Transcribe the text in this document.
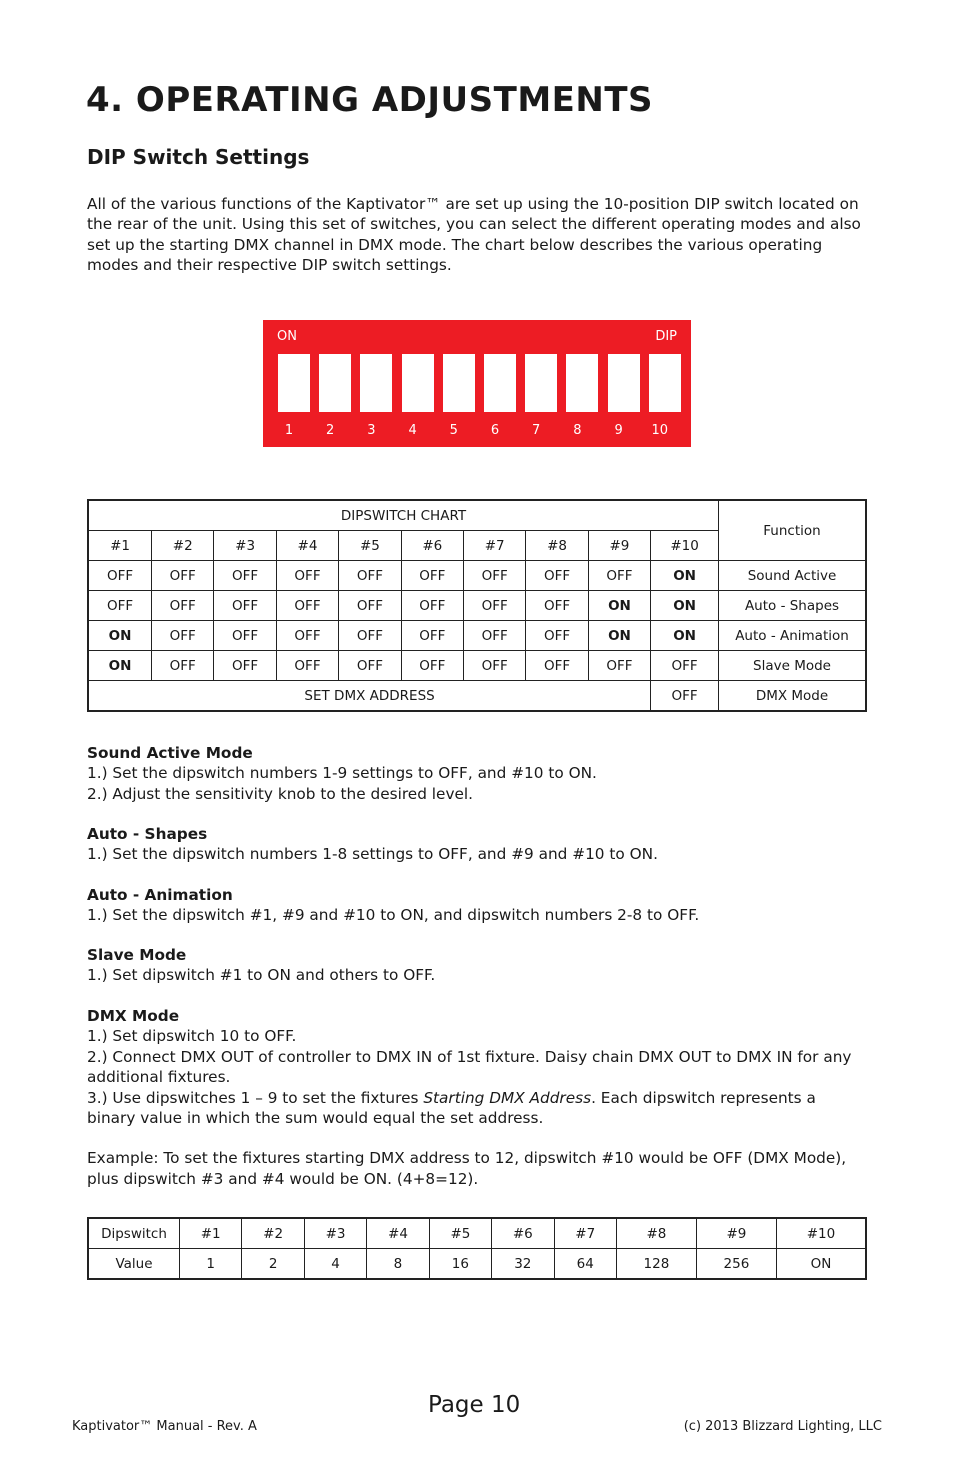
4. OPERATING ADJUSTMENTS
DIP Switch Settings

All of the various functions of the Kaptivator™ are set up using the 10-position DIP switch located on the rear of the unit. Using this set of switches, you can select the different operating modes and also set up the starting DMX channel in DMX mode. The chart below describes the various operating modes and their respective DIP switch settings.

ON	DIP
1	2	3	4	5	6	7	8	9	10
DIPSWITCH CHART										Function
#1	#2	#3	#4	#5	#6	#7	#8	#9	#10	
OFF	OFF	OFF	OFF	OFF	OFF	OFF	OFF	OFF	ON	Sound Active
OFF	OFF	OFF	OFF	OFF	OFF	OFF	OFF	ON	ON	Auto - Shapes
ON	OFF	OFF	OFF	OFF	OFF	OFF	OFF	ON	ON	Auto - Animation
ON	OFF	OFF	OFF	OFF	OFF	OFF	OFF	OFF	OFF	Slave Mode
SET DMX ADDRESS									OFF	DMX Mode

Sound Active Mode

1.) Set the dipswitch numbers 1-9 settings to OFF, and #10 to ON.

2.) Adjust the sensitivity knob to the desired level.

Auto - Shapes

1.) Set the dipswitch numbers 1-8 settings to OFF, and #9 and #10 to ON.

Auto - Animation

1.) Set the dipswitch #1, #9 and #10 to ON, and dipswitch numbers 2-8 to OFF.

Slave Mode

1.) Set dipswitch #1 to ON and others to OFF.

DMX Mode

1.) Set dipswitch 10 to OFF.

2.) Connect DMX OUT of controller to DMX IN of 1st fixture. Daisy chain DMX OUT to DMX IN for any additional fixtures.

3.) Use dipswitches 1 – 9 to set the fixtures Starting DMX Address. Each dipswitch represents a binary value in which the sum would equal the set address.

Example: To set the fixtures starting DMX address to 12, dipswitch #10 would be OFF (DMX Mode), plus dipswitch #3 and #4 would be ON. (4+8=12).

Dipswitch	#1	#2	#3	#4	#5	#6	#7	#8	#9	#10
Value	1	2	4	8	16	32	64	128	256	ON
Page 10
Kaptivator™ Manual - Rev. A	(c) 2013 Blizzard Lighting, LLC
